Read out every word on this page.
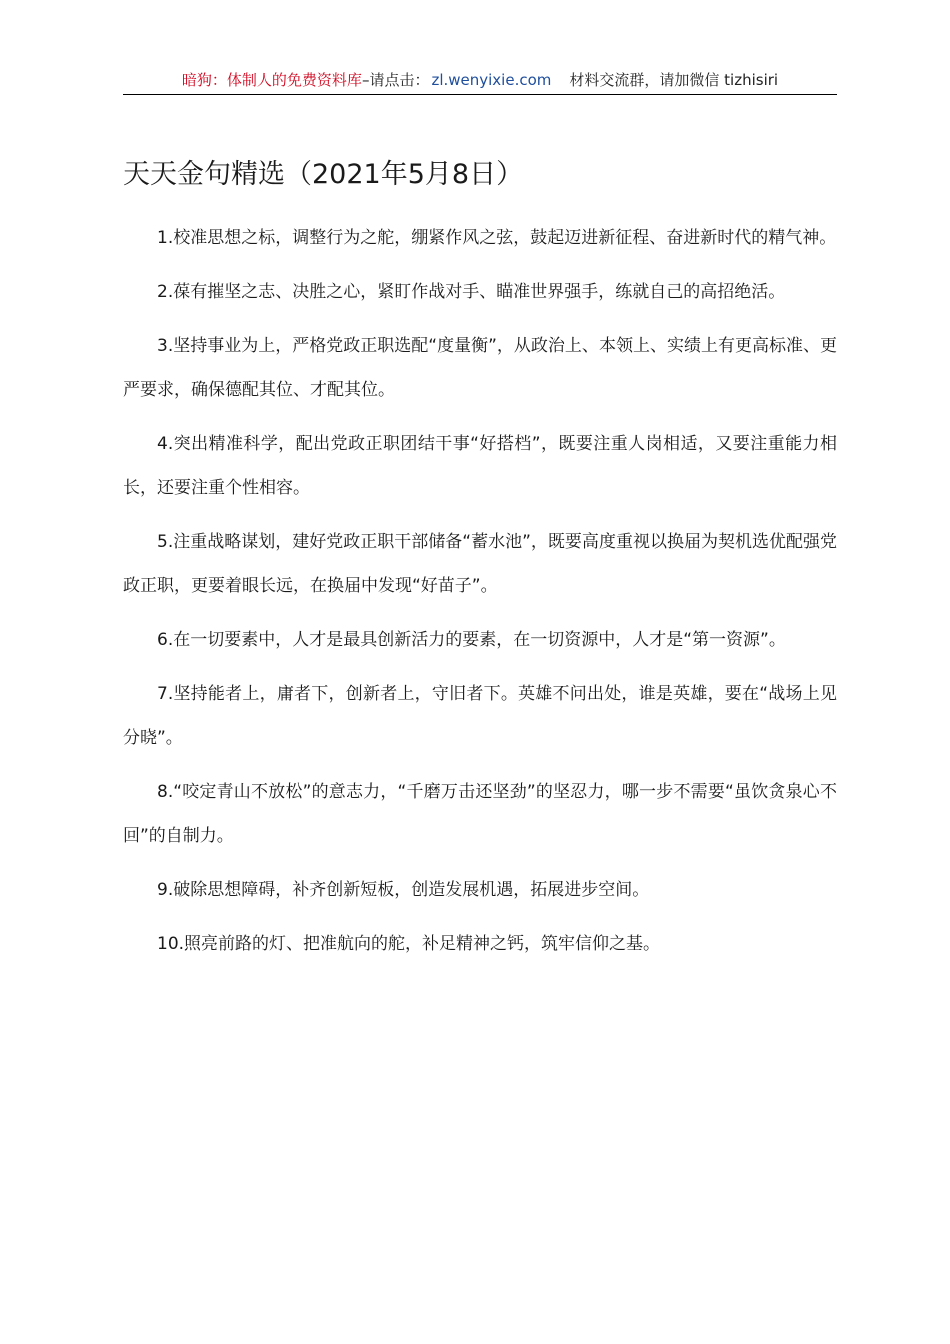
暗狗：体制人的免费资料库–请点击： zl.wenyixie.com 材料交流群，请加微信 tizhisiri
天天金句精选（2021年5月8日）

1.校准思想之标，调整行为之舵，绷紧作风之弦，鼓起迈进新征程、奋进新时代的精气神。

2.葆有摧坚之志、决胜之心，紧盯作战对手、瞄准世界强手，练就自己的高招绝活。

3.坚持事业为上，严格党政正职选配“度量衡”，从政治上、本领上、实绩上有更高标准、更严要求，确保德配其位、才配其位。

4.突出精准科学，配出党政正职团结干事“好搭档”，既要注重人岗相适，又要注重能力相长，还要注重个性相容。

5.注重战略谋划，建好党政正职干部储备“蓄水池”，既要高度重视以换届为契机选优配强党政正职，更要着眼长远，在换届中发现“好苗子”。

6.在一切要素中，人才是最具创新活力的要素，在一切资源中，人才是“第一资源”。

7.坚持能者上，庸者下，创新者上，守旧者下。英雄不问出处，谁是英雄，要在“战场上见分晓”。

8.“咬定青山不放松”的意志力，“千磨万击还坚劲”的坚忍力，哪一步不需要“虽饮贪泉心不回”的自制力。

9.破除思想障碍，补齐创新短板，创造发展机遇，拓展进步空间。

10.照亮前路的灯、把准航向的舵，补足精神之钙，筑牢信仰之基。
